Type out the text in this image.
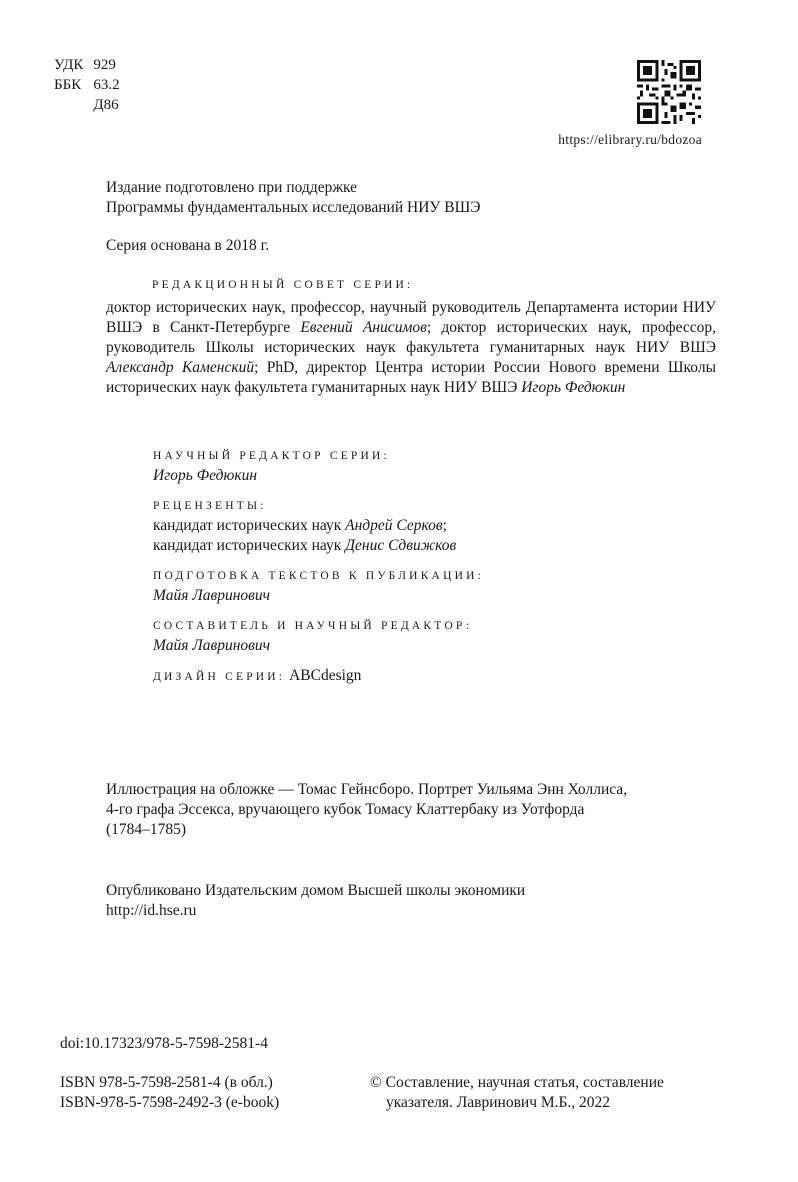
УДК	929
ББК	63.2
	Д86
https://elibrary.ru/bdozoa

Издание подготовлено при поддержке

Программы фундаментальных исследований НИУ ВШЭ

Серия основана в 2018 г.

РЕДАКЦИОННЫЙ СОВЕТ СЕРИИ:

доктор исторических наук, профессор, научный руководитель Департамента истории НИУ ВШЭ в Санкт-Петербурге Евгений Анисимов; доктор исторических наук, профессор, руководитель Школы исторических наук факультета гуманитарных наук НИУ ВШЭ Александр Каменский; PhD, директор Центра истории России Нового времени Школы исторических наук факультета гуманитарных наук НИУ ВШЭ Игорь Федюкин

НАУЧНЫЙ РЕДАКТОР СЕРИИ:

Игорь Федюкин

РЕЦЕНЗЕНТЫ:

кандидат исторических наук Андрей Серков;

кандидат исторических наук Денис Сдвижков

ПОДГОТОВКА ТЕКСТОВ К ПУБЛИКАЦИИ:

Майя Лавринович

СОСТАВИТЕЛЬ И НАУЧНЫЙ РЕДАКТОР:

Майя Лавринович

ДИЗАЙН СЕРИИ: ABCdesign

Иллюстрация на обложке — Томас Гейнсборо. Портрет Уильяма Энн Холлиса,

4-го графа Эссекса, вручающего кубок Томасу Клаттербаку из Уотфорда

(1784–1785)

Опубликовано Издательским домом Высшей школы экономики

http://id.hse.ru

doi:10.17323/978-5-7598-2581-4

ISBN 978-5-7598-2581-4 (в обл.)

ISBN-978-5-7598-2492-3 (e-book)

© Составление, научная статья, составление

указателя. Лавринович М.Б., 2022
